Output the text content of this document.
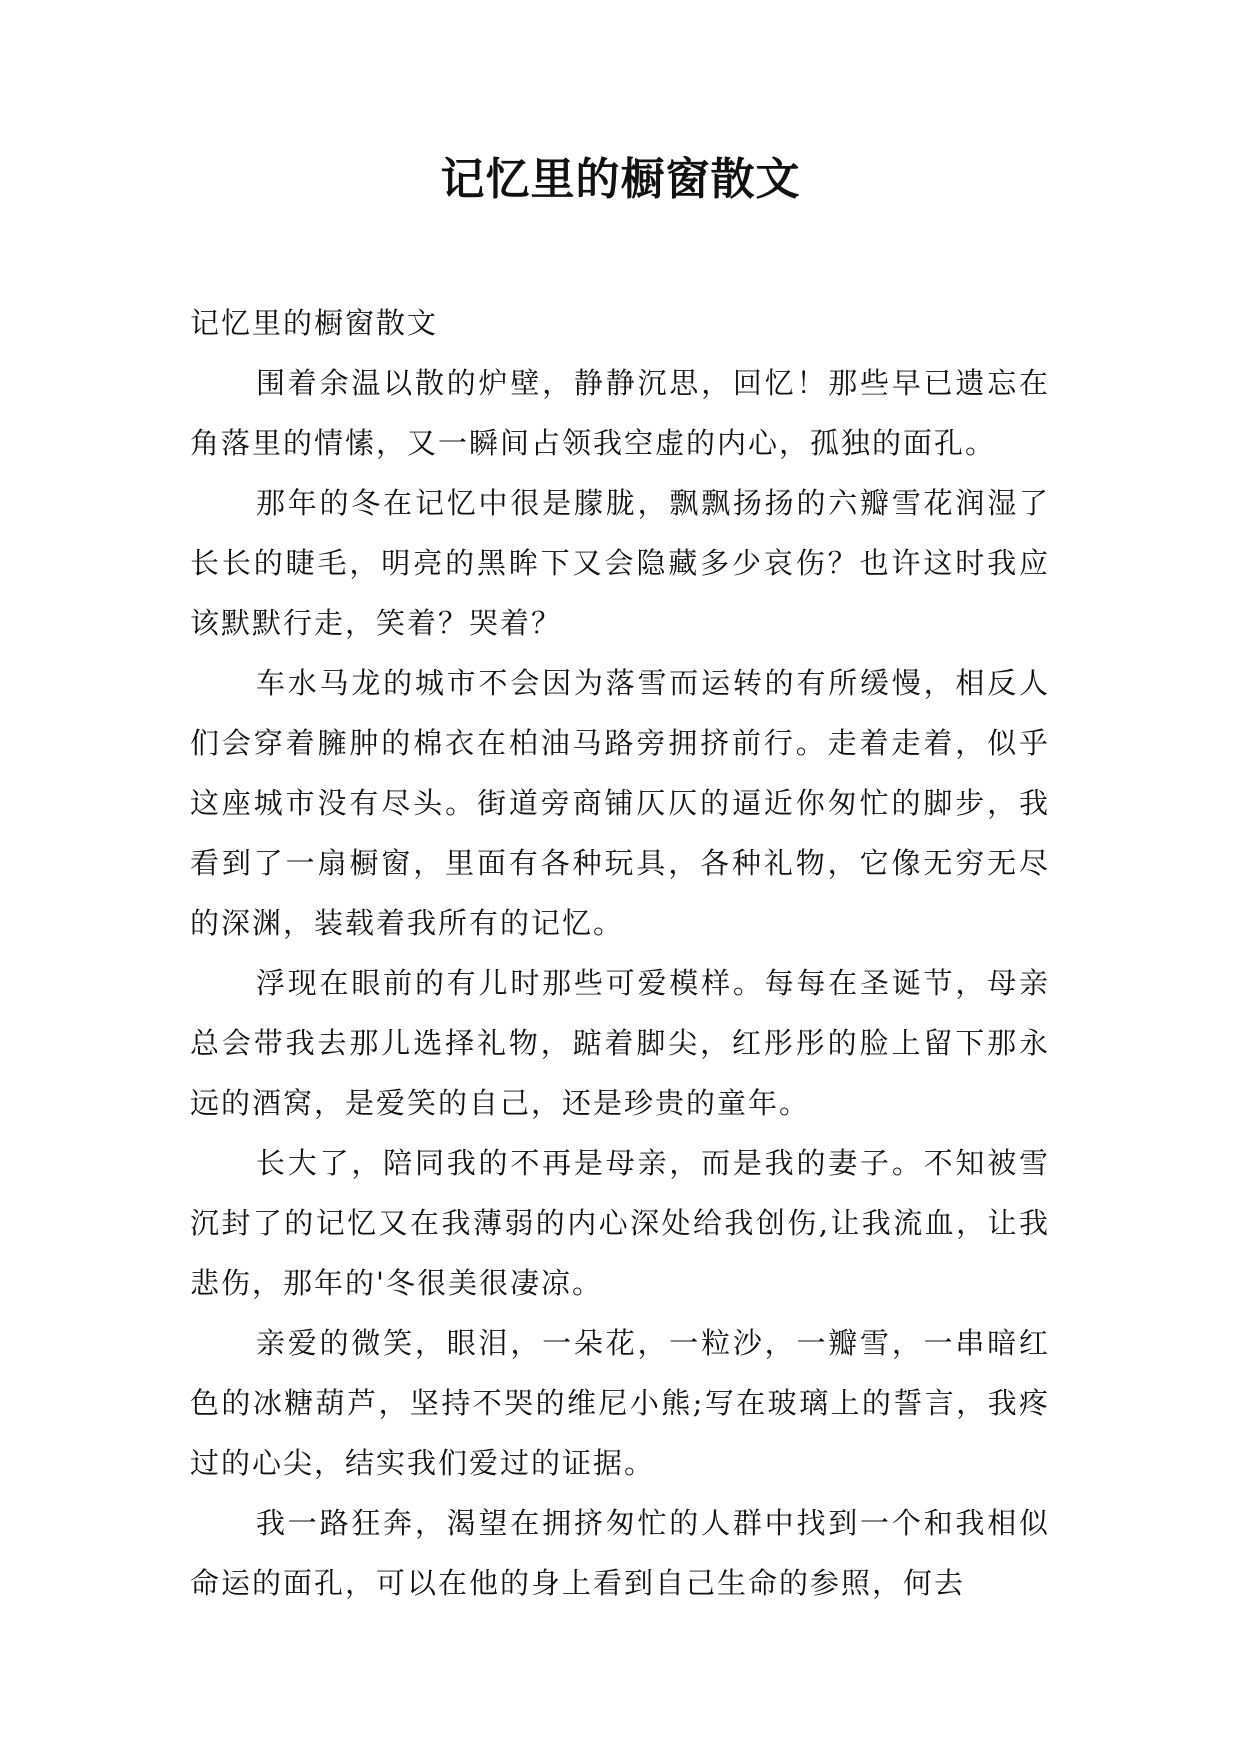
记忆里的橱窗散文

记忆里的橱窗散文

围着余温以散的炉壁，静静沉思，回忆！那些早已遗忘在角落里的情愫，又一瞬间占领我空虚的内心，孤独的面孔。

那年的冬在记忆中很是朦胧，飘飘扬扬的六瓣雪花润湿了长长的睫毛，明亮的黑眸下又会隐藏多少哀伤？也许这时我应该默默行走，笑着？哭着？

车水马龙的城市不会因为落雪而运转的有所缓慢，相反人们会穿着臃肿的棉衣在柏油马路旁拥挤前行。走着走着，似乎这座城市没有尽头。街道旁商铺仄仄的逼近你匆忙的脚步，我看到了一扇橱窗，里面有各种玩具，各种礼物，它像无穷无尽的深渊，装载着我所有的记忆。

浮现在眼前的有儿时那些可爱模样。每每在圣诞节，母亲总会带我去那儿选择礼物，踮着脚尖，红彤彤的脸上留下那永远的酒窝，是爱笑的自己，还是珍贵的童年。

长大了，陪同我的不再是母亲，而是我的妻子。不知被雪沉封了的记忆又在我薄弱的内心深处给我创伤,让我流血，让我悲伤，那年的'冬很美很凄凉。

亲爱的微笑，眼泪，一朵花，一粒沙，一瓣雪，一串暗红色的冰糖葫芦，坚持不哭的维尼小熊;写在玻璃上的誓言，我疼过的心尖，结实我们爱过的证据。

我一路狂奔，渴望在拥挤匆忙的人群中找到一个和我相似命运的面孔，可以在他的身上看到自己生命的参照，何去
